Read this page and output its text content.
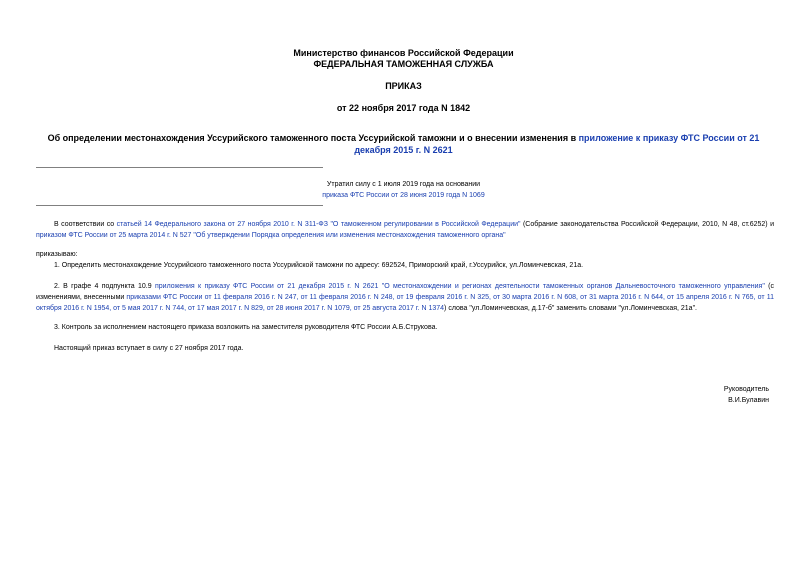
Министерство финансов Российской Федерации
ФЕДЕРАЛЬНАЯ ТАМОЖЕННАЯ СЛУЖБА
ПРИКАЗ
от 22 ноября 2017 года N 1842
Об определении местонахождения Уссурийского таможенного поста Уссурийской таможни и о внесении изменения в приложение к приказу ФТС России от 21 декабря 2015 г. N 2621
Утратил силу с 1 июля 2019 года на основании
приказа ФТС России от 28 июня 2019 года N 1069
В соответствии со статьей 14 Федерального закона от 27 ноября 2010 г. N 311-ФЗ "О таможенном регулировании в Российской Федерации" (Собрание законодательства Российской Федерации, 2010, N 48, ст.6252) и приказом ФТС России от 25 марта 2014 г. N 527 "Об утверждении Порядка определения или изменения местонахождения таможенного органа"
приказываю:
1. Определить местонахождение Уссурийского таможенного поста Уссурийской таможни по адресу: 692524, Приморский край, г.Уссурийск, ул.Ломинчевская, 21а.
2. В графе 4 подпункта 10.9 приложения к приказу ФТС России от 21 декабря 2015 г. N 2621 "О местонахождении и регионах деятельности таможенных органов Дальневосточного таможенного управления" (с изменениями, внесенными приказами ФТС России от 11 февраля 2016 г. N 247, от 11 февраля 2016 г. N 248, от 19 февраля 2016 г. N 325, от 30 марта 2016 г. N 608, от 31 марта 2016 г. N 644, от 15 апреля 2016 г. N 765, от 11 октября 2016 г. N 1954, от 5 мая 2017 г. N 744, от 17 мая 2017 г. N 829, от 28 июня 2017 г. N 1079, от 25 августа 2017 г. N 1374) слова "ул.Ломинчевская, д.17-б" заменить словами "ул.Ломинчевская, 21а".
3. Контроль за исполнением настоящего приказа возложить на заместителя руководителя ФТС России А.Б.Струкова.
Настоящий приказ вступает в силу с 27 ноября 2017 года.
Руководитель
В.И.Булавин
